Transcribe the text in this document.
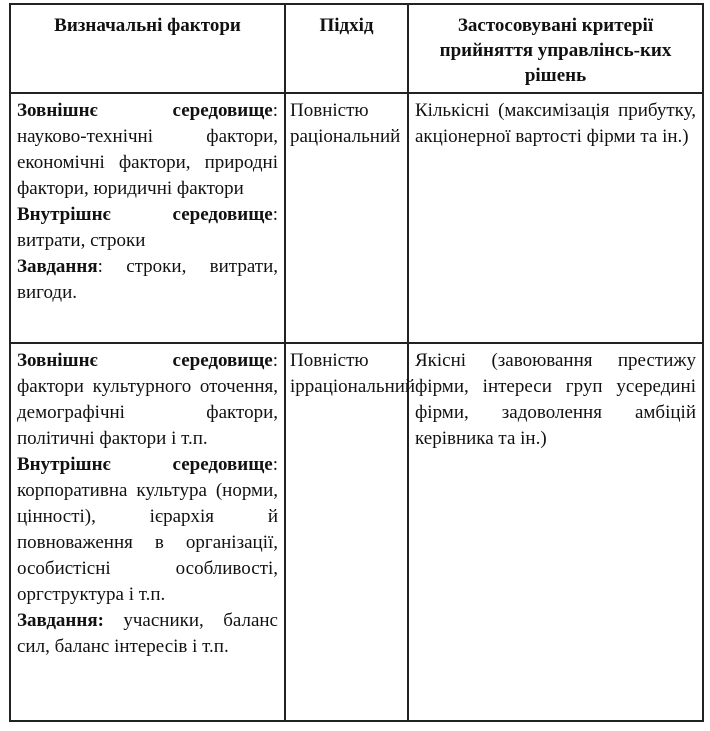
Визначальні фактори	Підхід	Застосовувані критерії прийняття управлінсь-ких рішень

Зовнішнє середовище: науково-технічні фактори, економічні фактори, природні фактори, юридичні фактори
Внутрішнє середовище: витрати, строки
Завдання: строки, витрати, вигоди.	Повністю раціональний	Кількісні (максимізація прибутку, акціонерної вартості фірми та ін.)

Зовнішнє середовище: фактори культурного оточення, демографічні фактори, політичні фактори і т.п.
Внутрішнє середовище: корпоративна культура (норми, цінності), ієрархія й повноваження в організації, особистісні особливості, оргструктура і т.п.
Завдання: учасники, баланс сил, баланс інтересів і т.п.	Повністю ірраціональний	Якісні (завоювання престижу фірми, інтереси груп усередині фірми, задоволення амбіцій керівника та ін.)
